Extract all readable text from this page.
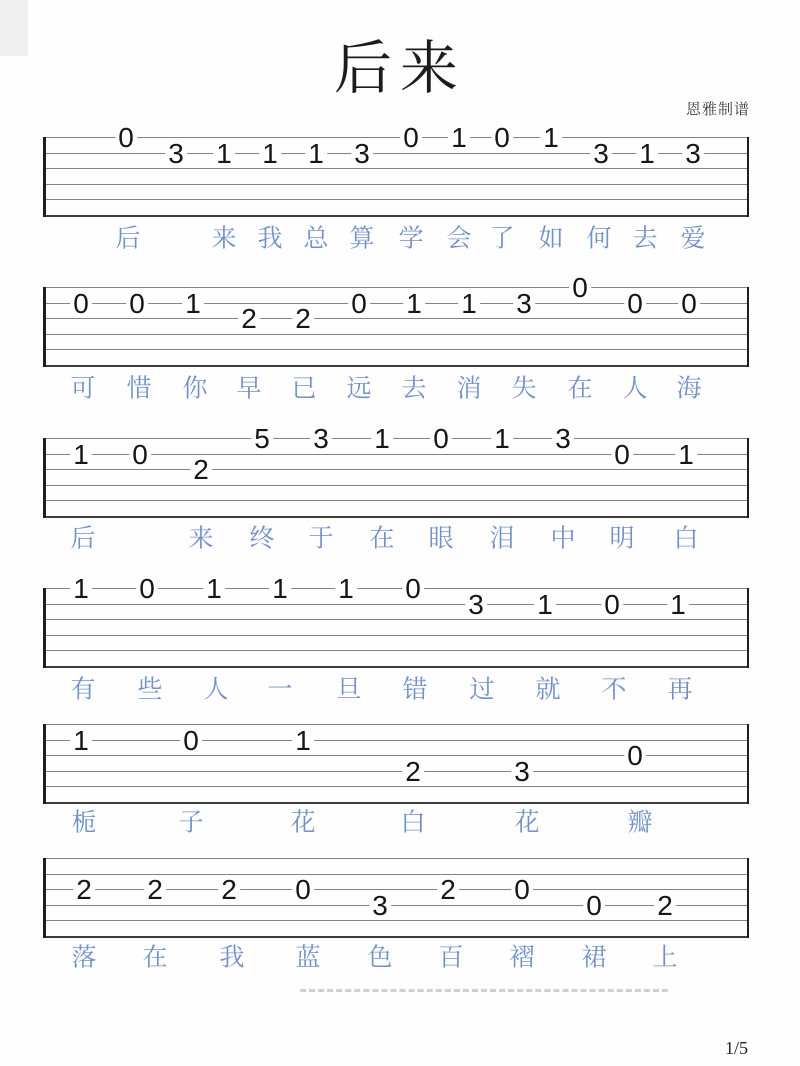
后来
恩雅制谱
0
3 1 1 1 3
0 1 0 1
3 1 3
后	来 我 总 算 学 会 了 如 何 去 爱
0 0 1
2 2
0 1 1 3
0
0 0
可 惜 你 早 已 远 去 消 失 在 人 海
1 0
2
5 3 1 0 1 3
0 1
后	来 终 于 在 眼 泪 中 明 白
1 0 1 1 1 0
3 1 0 1
有 些 人 一 旦 错 过 就 不 再
1	0	1
2	3
0
栀	子	花	白	花	瓣
2 2 2 0
3
2 0
0 2
落 在 我 蓝 色 百 褶 裙 上
1/5
